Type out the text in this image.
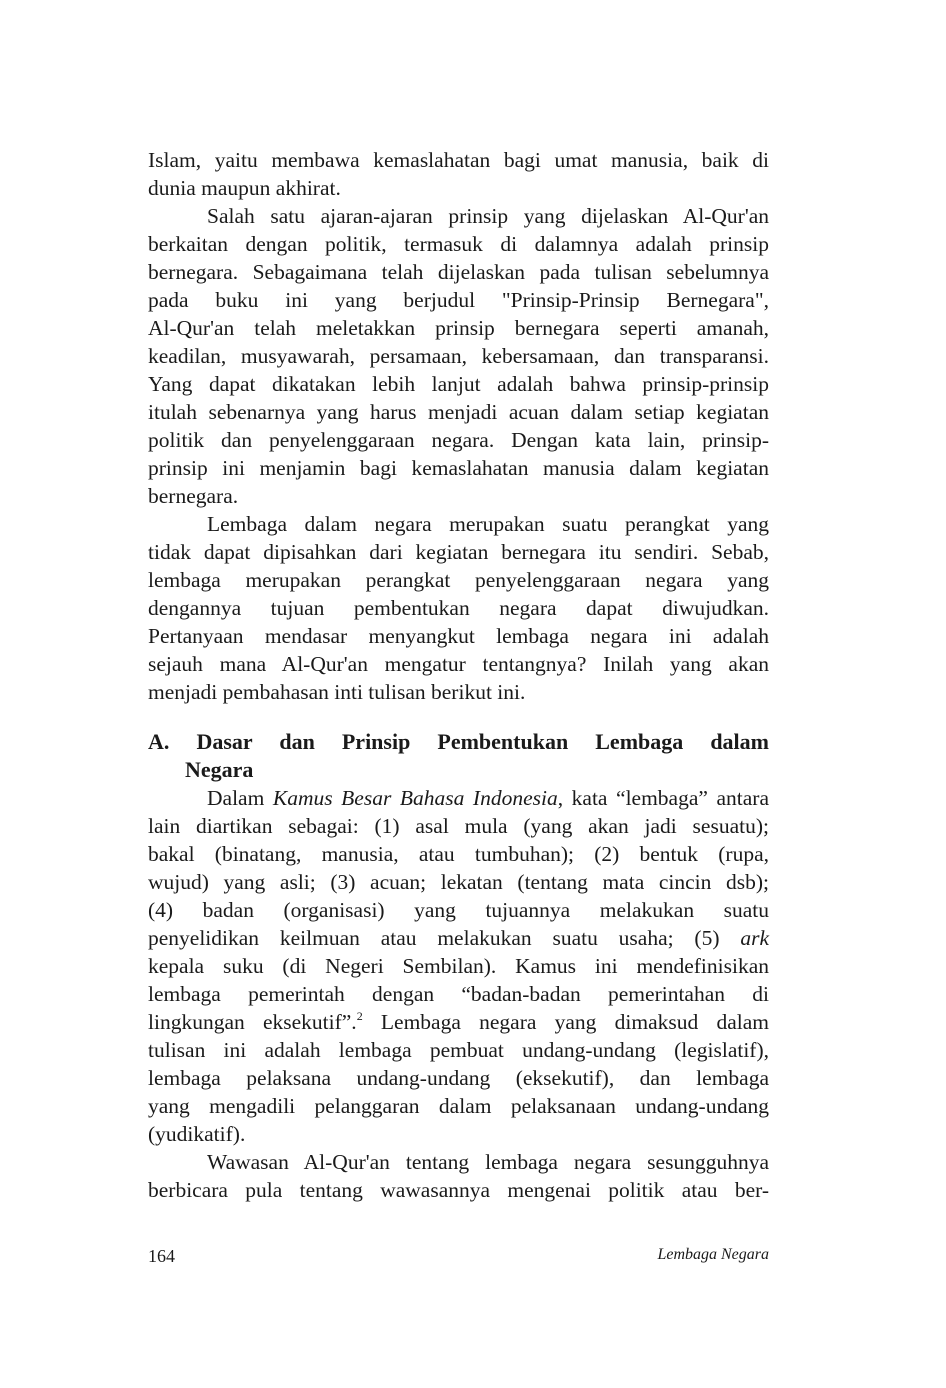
Islam, yaitu membawa kemaslahatan bagi umat manusia, baik di
dunia maupun akhirat.
Salah satu ajaran-ajaran prinsip yang dijelaskan Al-Qur'an
berkaitan dengan politik, termasuk di dalamnya adalah prinsip
bernegara. Sebagaimana telah dijelaskan pada tulisan sebelumnya
pada buku ini yang berjudul "Prinsip-Prinsip Bernegara",
Al-Qur'an telah meletakkan prinsip bernegara seperti amanah,
keadilan, musyawarah, persamaan, kebersamaan, dan transparansi.
Yang dapat dikatakan lebih lanjut adalah bahwa prinsip-prinsip
itulah sebenarnya yang harus menjadi acuan dalam setiap kegiatan
politik dan penyelenggaraan negara. Dengan kata lain, prinsip-
prinsip ini menjamin bagi kemaslahatan manusia dalam kegiatan
bernegara.
Lembaga dalam negara merupakan suatu perangkat yang
tidak dapat dipisahkan dari kegiatan bernegara itu sendiri. Sebab,
lembaga merupakan perangkat penyelenggaraan negara yang
dengannya tujuan pembentukan negara dapat diwujudkan.
Pertanyaan mendasar menyangkut lembaga negara ini adalah
sejauh mana Al-Qur'an mengatur tentangnya? Inilah yang akan
menjadi pembahasan inti tulisan berikut ini.
A. Dasar dan Prinsip Pembentukan Lembaga dalam
Negara
Dalam Kamus Besar Bahasa Indonesia, kata “lembaga” antara
lain diartikan sebagai: (1) asal mula (yang akan jadi sesuatu);
bakal (binatang, manusia, atau tumbuhan); (2) bentuk (rupa,
wujud) yang asli; (3) acuan; lekatan (tentang mata cincin dsb);
(4) badan (organisasi) yang tujuannya melakukan suatu
penyelidikan keilmuan atau melakukan suatu usaha; (5) ark
kepala suku (di Negeri Sembilan). Kamus ini mendefinisikan
lembaga pemerintah dengan “badan-badan pemerintahan di
lingkungan eksekutif”.$^2$ Lembaga negara yang dimaksud dalam
tulisan ini adalah lembaga pembuat undang-undang (legislatif),
lembaga pelaksana undang-undang (eksekutif), dan lembaga
yang mengadili pelanggaran dalam pelaksanaan undang-undang
(yudikatif).
Wawasan Al-Qur'an tentang lembaga negara sesungguhnya
berbicara pula tentang wawasannya mengenai politik atau ber-
164	Lembaga Negara
